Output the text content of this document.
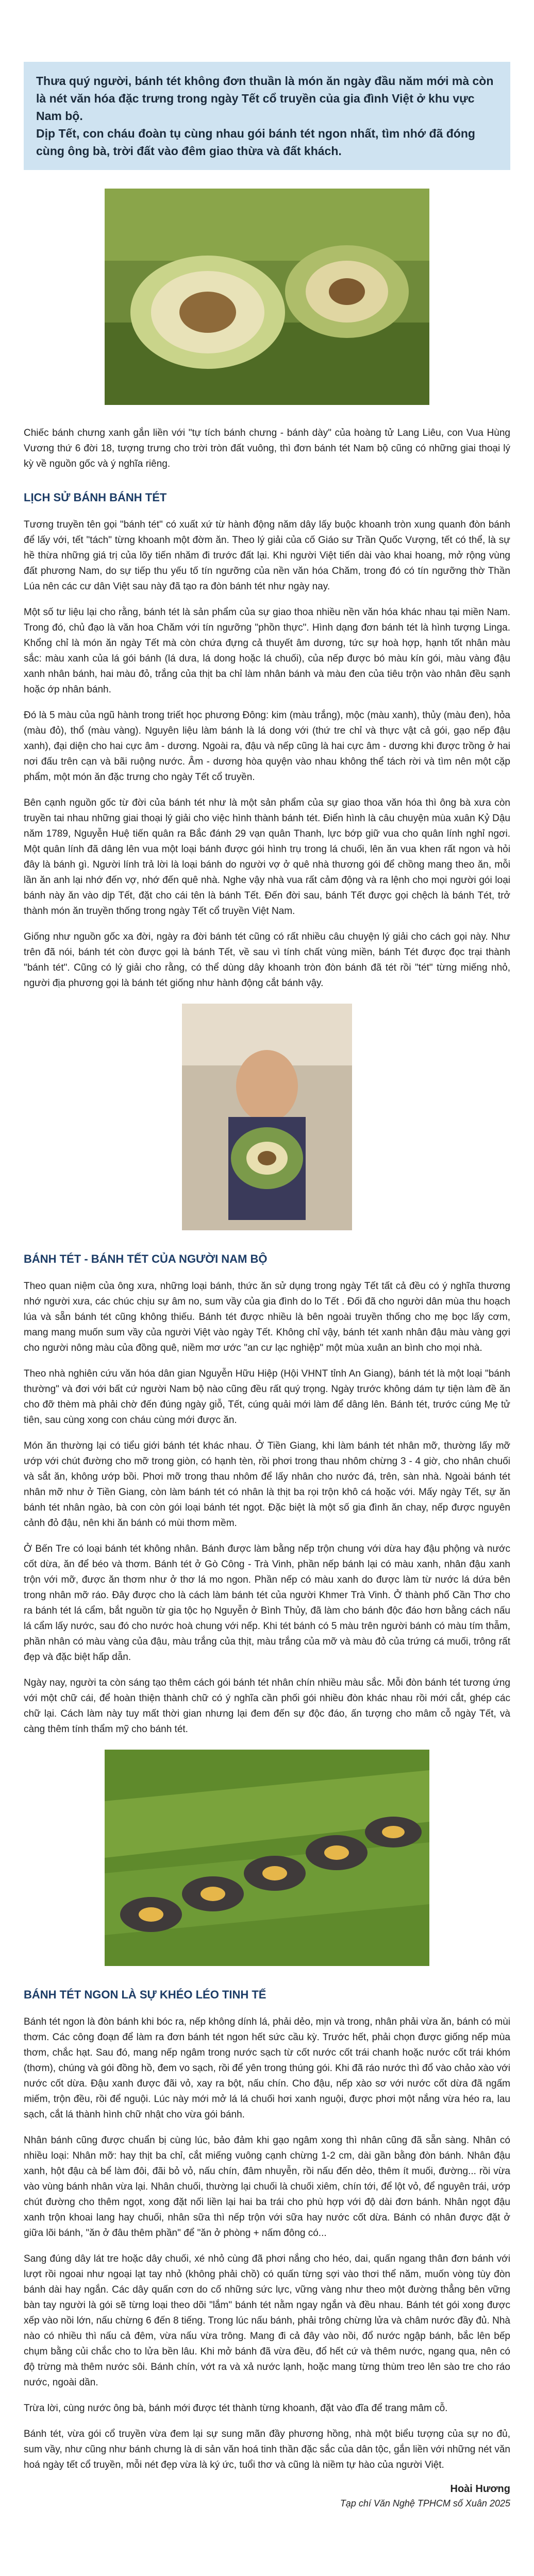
Thưa quý người, bánh tét không đơn thuần là món ăn ngày đầu năm mới mà còn là nét văn hóa đặc trưng trong ngày Tết cổ truyền của gia đình Việt ở khu vực Nam bộ.
Dịp Tết, con cháu đoàn tụ cùng nhau gói bánh tét ngon nhất, tìm nhớ đã đóng cùng ông bà, trời đất vào đêm giao thừa và đất khách.

Chiếc bánh chưng xanh gắn liền với "tự tích bánh chưng - bánh dày" của hoàng tử Lang Liêu, con Vua Hùng Vương thứ 6 đời 18, tượng trưng cho trời tròn đất vuông, thì đơn bánh tét Nam bộ cũng có những giai thoại lý kỳ về nguồn gốc và ý nghĩa riêng.

LỊCH SỬ BÁNH BÁNH TÉT

Tương truyền tên gọi "bánh tét" có xuất xứ từ hành động năm dây lấy buộc khoanh tròn xung quanh đòn bánh để lấy với, tết "tách" từng khoanh một đờm ăn. Theo lý giải của cố Giáo sư Trần Quốc Vượng, tết có thể, là sự hề thừa những giá trị của lõy tiến nhăm đi trước đất lại. Khi người Việt tiến dài vào khai hoang, mở rộng vùng đất phương Nam, do sự tiếp thu yếu tố tín ngưỡng của nền văn hóa Chăm, trong đó có tín ngưỡng thờ Thần Lúa nên các cư dân Việt sau này đã tạo ra đòn bánh tét như ngày nay.

Một số tư liệu lại cho rằng, bánh tét là sản phẩm của sự giao thoa nhiều nền văn hóa khác nhau tại miền Nam. Trong đó, chủ đạo là văn hoa Chăm với tín ngưỡng "phồn thực". Hình dạng đơn bánh tét là hình tượng Linga. Khổng chỉ là món ăn ngày Tết mà còn chứa đựng cả thuyết âm dương, tức sự hoà hợp, hạnh tốt nhân màu sắc: màu xanh của lá gói bánh (lá dưa, lá dong hoặc lá chuối), của nếp được bó màu kín gói, màu vàng đậu xanh nhân bánh, hai màu đỏ, trắng của thịt ba chỉ làm nhân bánh và màu đen của tiêu trộn vào nhân đều sạnh hoặc ớp nhân bánh.

Đó là 5 màu của ngũ hành trong triết học phương Đông: kim (màu trắng), mộc (màu xanh), thủy (màu đen), hỏa (màu đỏ), thổ (màu vàng). Nguyên liệu làm bánh là lá dong với (thứ tre chỉ và thực vật cả gói, gạo nếp đậu xanh), đại diện cho hai cực âm - dương. Ngoài ra, đậu và nếp cũng là hai cực âm - dương khi được trồng ở hai nơi đấu trên cạn và bãi ruộng nước. Âm - dương hòa quyện vào nhau không thể tách rời và tìm nên một cặp phẩm, một món ăn đặc trưng cho ngày Tết cổ truyền.

Bên cạnh nguồn gốc từ đời của bánh tét như là một sản phẩm của sự giao thoa văn hóa thì ông bà xưa còn truyền tai nhau những giai thoại lý giải cho việc hình thành bánh tét. Điển hình là câu chuyện mùa xuân Kỷ Dậu năm 1789, Nguyễn Huệ tiến quân ra Bắc đánh 29 vạn quân Thanh, lực bớp giữ vua cho quân lính nghỉ ngơi. Một quân lính đã dâng lên vua một loại bánh được gói hình trụ trong lá chuối, lên ăn vua khen rất ngon và hỏi đây là bánh gì. Người lính trả lời là loại bánh do người vợ ở quê nhà thương gói để chồng mang theo ăn, mỗi lần ăn anh lại nhớ đến vợ, nhớ đến quê nhà. Nghe vậy nhà vua rất cảm động và ra lệnh cho mọi người gói loại bánh này ăn vào dịp Tết, đặt cho cái tên là bánh Tết. Đến đời sau, bánh Tết được gọi chệch là bánh Tét, trở thành món ăn truyền thống trong ngày Tết cổ truyền Việt Nam.

Giống như nguồn gốc xa đời, ngày ra đời bánh tét cũng có rất nhiều câu chuyện lý giải cho cách gọi này. Như trên đã nói, bánh tét còn được gọi là bánh Tết, về sau vì tính chất vùng miền, bánh Tét được đọc trại thành "bánh tét". Cũng có lý giải cho rằng, có thể dùng dây khoanh tròn đòn bánh đã tét rồi "tét" từng miếng nhỏ, người địa phương gọi là bánh tét giống như hành động cắt bánh vậy.

BÁNH TÉT - BÁNH TẾT CỦA NGƯỜI NAM BỘ

Theo quan niệm của ông xưa, những loại bánh, thức ăn sử dụng trong ngày Tết tất cả đều có ý nghĩa thương nhớ người xưa, các chúc chịu sự âm no, sum vầy của gia đình do lo Tết . Đối đã cho người dân mùa thu hoạch lúa và sẵn bánh tét cũng không thiếu. Bánh tét được nhiều là bên ngoài truyền thống cho mẹ bọc lấy cơm, mang mang muốn sum vầy của người Việt vào ngày Tết. Không chỉ vậy, bánh tét xanh nhân đậu màu vàng gợi cho người nông màu của đồng quê, niềm mơ ước "an cư lạc nghiệp" một mùa xuân an bình cho mọi nhà.

Theo nhà nghiên cứu văn hóa dân gian Nguyễn Hữu Hiệp (Hội VHNT tỉnh An Giang), bánh tét là một loại "bánh thường" và đơi với bất cứ người Nam bộ nào cũng đều rất quý trọng. Ngày trước không dám tự tiện làm đề ăn cho đỡ thèm mà phải chờ đến đúng ngày giỗ, Tết, cúng quải mới làm để dâng lên. Bánh tét, trước cúng Mẹ tử tiên, sau cùng xong con cháu cùng mới được ăn.

Món ăn thường lại có tiểu giới bánh tét khác nhau. Ở Tiền Giang, khi làm bánh tét nhân mỡ, thường lấy mỡ ướp với chút đường cho mỡ trong giòn, có hạnh tèn, rồi phơi trong thau nhôm chừng 3 - 4 giờ, cho nhân chuối và sắt ăn, không ướp bồi. Phơi mỡ trong thau nhôm để lấy nhân cho nước đá, trên, sàn nhà. Ngoài bánh tét nhân mỡ như ở Tiền Giang, còn làm bánh tét có nhân là thịt ba rọi trộn khô cá hoặc với. Mấy ngày Tết, sự ăn bánh tét nhân ngào, bà con còn gói loại bánh tét ngọt. Đặc biệt là một số gia đình ăn chay, nếp được nguyên cảnh đỏ đậu, nên khi ăn bánh có mùi thơm mềm.

Ở Bến Tre có loại bánh tét không nhân. Bánh được làm bằng nếp trộn chung với dừa hay đậu phộng và nước cốt dừa, ăn để béo và thơm. Bánh tét ở Gò Công - Trà Vinh, phần nếp bánh lại có màu xanh, nhân đậu xanh trộn với mỡ, được ăn thơm như ở thơ lá mo ngon. Phần nếp có màu xanh do được làm từ nước lá dứa bên trong nhân mỡ ráo. Đây được cho là cách làm bánh tét của người Khmer Trà Vinh. Ở thành phố Cần Thơ cho ra bánh tét lá cẩm, bắt nguồn từ gia tộc họ Nguyễn ở Bình Thủy, đã làm cho bánh độc đáo hơn bằng cách nấu lá cẩm lấy nước, sau đó cho nước hoà chung với nếp. Khi tét bánh có 5 màu trên người bánh có màu tím thẫm, phần nhân có màu vàng của đậu, màu trắng của thịt, màu trắng của mỡ và màu đỏ của trứng cá muối, trông rất đẹp và đặc biệt hấp dẫn.

Ngày nay, người ta còn sáng tạo thêm cách gói bánh tét nhân chín nhiều màu sắc. Mỗi đòn bánh tét tương ứng với một chữ cái, để hoàn thiện thành chữ có ý nghĩa cần phối gói nhiều đòn khác nhau rồi mới cắt, ghép các chữ lại. Cách làm này tuy mất thời gian nhưng lại đem đến sự độc đáo, ấn tượng cho mâm cỗ ngày Tết, và càng thêm tính thẩm mỹ cho bánh tét.

BÁNH TÉT NGON LÀ SỰ KHÉO LÉO TINH TẾ

Bánh tét ngon là đòn bánh khi bóc ra, nếp không dính lá, phải dẻo, mịn và trong, nhân phải vừa ăn, bánh có mùi thơm. Các công đoạn để làm ra đơn bánh tét ngon hết sức cầu kỳ. Trước hết, phải chọn được giống nếp mùa thơm, chắc hạt. Sau đó, mang nếp ngâm trong nước sạch từ cốt nước cốt trái chanh hoặc nước cốt trái khóm (thơm), chúng và gói đồng hồ, đem vo sạch, rồi để yên trong thúng gói. Khi đã ráo nước thì đổ vào chảo xào với nước cốt dừa. Đậu xanh được đãi vỏ, xay ra bột, nấu chín. Cho đậu, nếp xào sơ với nước cốt dừa đã ngấm miếm, trộn đều, rồi để nguội. Lúc này mới mở lá lá chuối hơi xanh nguội, được phơi một nắng vừa héo ra, lau sạch, cắt lá thành hình chữ nhật cho vừa gói bánh.

Nhân bánh cũng được chuẩn bị cùng lúc, bảo đảm khi gạo ngâm xong thì nhân cũng đã sẵn sàng. Nhân có nhiều loại: Nhân mỡ: hay thịt ba chỉ, cắt miếng vuông cạnh chừng 1-2 cm, dài gần bằng đòn bánh. Nhân đậu xanh, hột đậu cà bể làm đôi, đãi bỏ vỏ, nấu chín, đâm nhuyễn, rồi nấu đến dẻo, thêm ít muối, đường... rồi vừa vào vùng bánh nhân vừa lại. Nhân chuối, thường lại chuối là chuối xiêm, chín tới, để lột vỏ, để nguyên trái, ướp chút đường cho thêm ngọt, xong đặt nối liền lại hai ba trái cho phù hợp với độ dài đơn bánh. Nhân ngọt đậu xanh trộn khoai lang hay chuối, nhân sữa thì nếp trộn với sữa hay nước cốt dừa. Bánh có nhân được đặt ở giữa lõi bánh, "ăn ở đâu thêm phần" để "ăn ở phòng + nấm đông có...

Sang đúng dây lát tre hoặc dây chuối, xé nhỏ cùng đã phơi nắng cho héo, dai, quấn ngang thân đơn bánh với lượt rồi ngoai như ngoại lạt tay nhỏ (không phải chồ) có quấn từng sợi vào thơi thể năm, muốn vòng tùy đòn bánh dài hay ngắn. Các dây quấn cơn do cố những sức lực, vững vàng như theo một đường thẳng bên vững bàn tay người là gói sẽ từng loại theo dõi "lắm" bánh tét nằm ngay ngắn và đều nhau. Bánh tét gói xong được xếp vào nồi lớn, nấu chừng 6 đến 8 tiếng. Trong lúc nấu bánh, phải trông chừng lửa và châm nước đầy đủ. Nhà nào có nhiều thì nấu cả đêm, vừa nấu vừa trông. Mang đi cả đây vào nồi, đổ nước ngập bánh, bắc lên bếp chụm bằng củi chắc cho to lửa bền lâu. Khi mở bánh đã vừa đều, đổ hết cứ và thêm nước, ngang qua, nên có độ trừng mà thêm nước sôi. Bánh chín, vớt ra và xả nước lạnh, hoặc mang từng thùm treo lên sào tre cho ráo nước, ngoài dần.

Trừa lời, cùng nước ông bà, bánh mới được tét thành từng khoanh, đặt vào đĩa để trang mâm cỗ.

Bánh tét, vừa gói cổ truyền vừa đem lại sự sung mãn đầy phương hồng, nhà một biểu tượng của sự no đủ, sum vầy, như cũng như bánh chưng là di sản văn hoá tinh thần đặc sắc của dân tộc, gắn liền với những nét văn hoá ngày tết cổ truyền, mỗi nét đẹp vừa là ký ức, tuổi thơ và cũng là niềm tự hào của người Việt.

Hoài Hương
Tạp chí Văn Nghệ TPHCM số Xuân 2025
